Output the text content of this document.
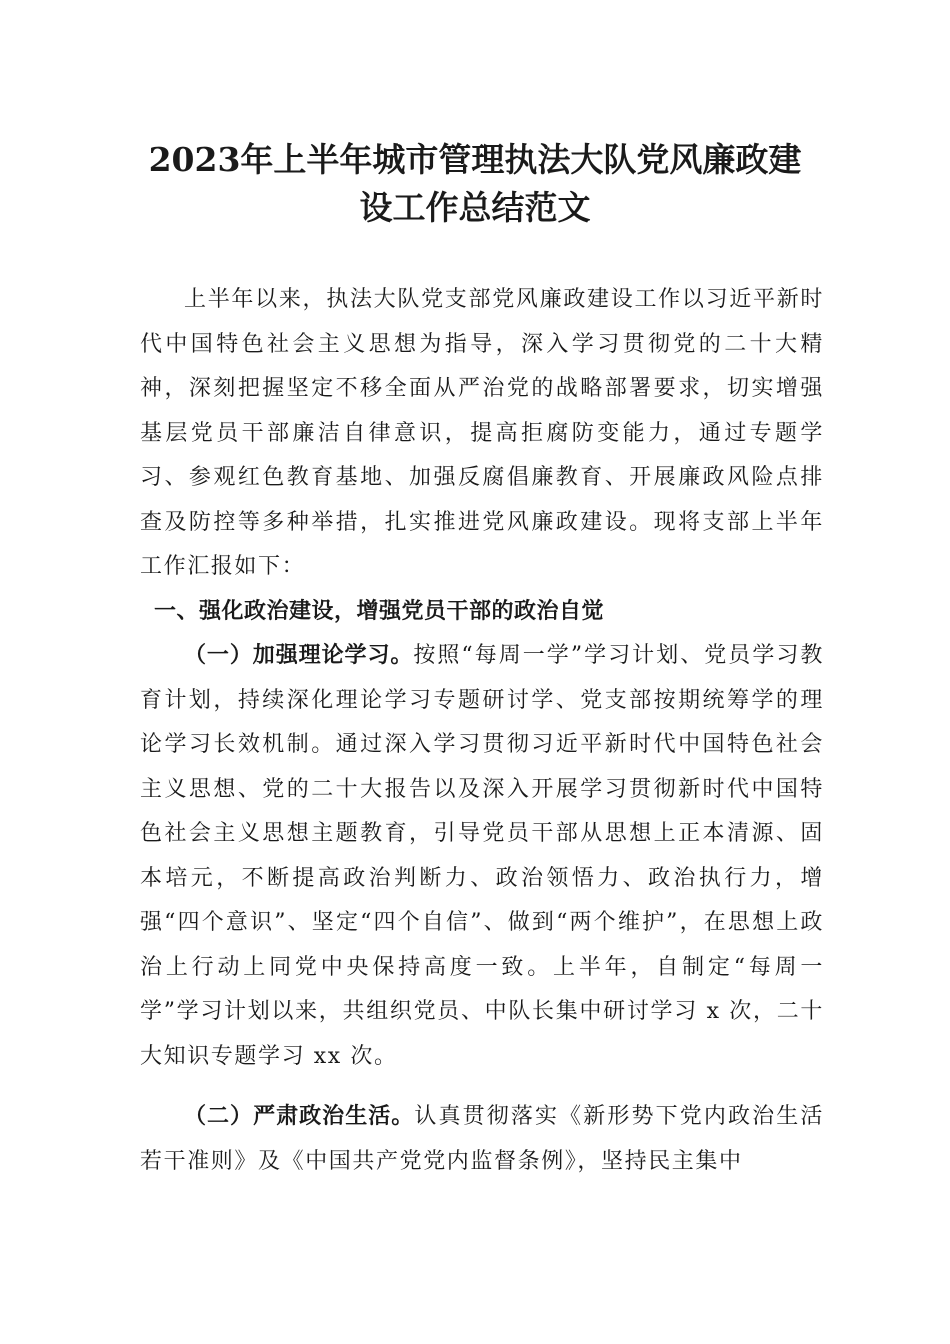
2023年上半年城市管理执法大队党风廉政建
设工作总结范文

上半年以来，执法大队党支部党风廉政建设工作以习近平新时代中国特色社会主义思想为指导，深入学习贯彻党的二十大精神，深刻把握坚定不移全面从严治党的战略部署要求，切实增强基层党员干部廉洁自律意识，提高拒腐防变能力，通过专题学习、参观红色教育基地、加强反腐倡廉教育、开展廉政风险点排查及防控等多种举措，扎实推进党风廉政建设。现将支部上半年工作汇报如下：

一、强化政治建设，增强党员干部的政治自觉

（一）加强理论学习。按照“每周一学”学习计划、党员学习教育计划，持续深化理论学习专题研讨学、党支部按期统筹学的理论学习长效机制。通过深入学习贯彻习近平新时代中国特色社会主义思想、党的二十大报告以及深入开展学习贯彻新时代中国特色社会主义思想主题教育，引导党员干部从思想上正本清源、固本培元，不断提高政治判断力、政治领悟力、政治执行力，增强“四个意识”、坚定“四个自信”、做到“两个维护”，在思想上政治上行动上同党中央保持高度一致。上半年，自制定“每周一学”学习计划以来，共组织党员、中队长集中研讨学习 x 次，二十大知识专题学习 xx 次。

（二）严肃政治生活。认真贯彻落实《新形势下党内政治生活若干准则》及《中国共产党党内监督条例》，坚持民主集中
